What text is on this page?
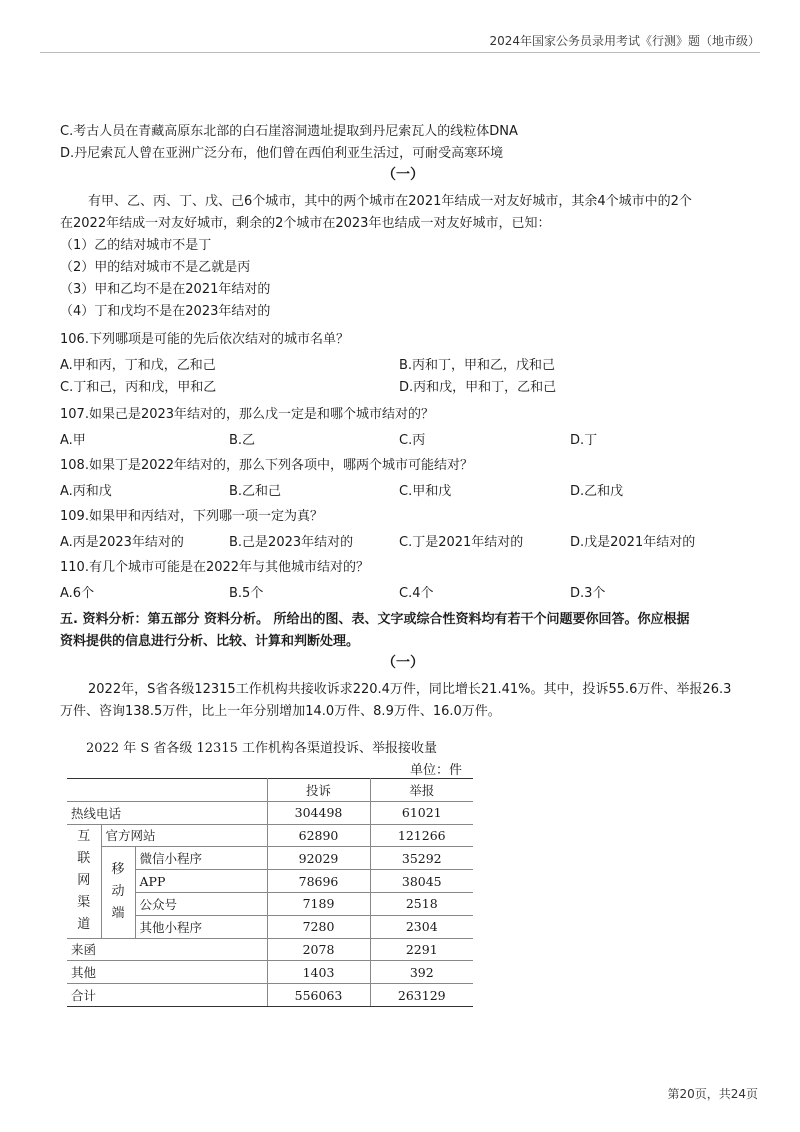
2024年国家公务员录用考试《行测》题（地市级）
C.考古人员在青藏高原东北部的白石崖溶洞遗址提取到丹尼索瓦人的线粒体DNA
D.丹尼索瓦人曾在亚洲广泛分布，他们曾在西伯利亚生活过，可耐受高寒环境
（一）
有甲、乙、丙、丁、戊、己6个城市，其中的两个城市在2021年结成一对友好城市，其余4个城市中的2个
在2022年结成一对友好城市，剩余的2个城市在2023年也结成一对友好城市，已知：
（1）乙的结对城市不是丁
（2）甲的结对城市不是乙就是丙
（3）甲和乙均不是在2021年结对的
（4）丁和戊均不是在2023年结对的
106.下列哪项是可能的先后依次结对的城市名单？
A.甲和丙，丁和戊，乙和己	B.丙和丁，甲和乙，戊和己
C.丁和己，丙和戊，甲和乙	D.丙和戊，甲和丁，乙和己
107.如果己是2023年结对的，那么戊一定是和哪个城市结对的？
A.甲	B.乙	C.丙	D.丁
108.如果丁是2022年结对的，那么下列各项中，哪两个城市可能结对？
A.丙和戊	B.乙和己	C.甲和戊	D.乙和戊
109.如果甲和丙结对，下列哪一项一定为真？
A.丙是2023年结对的	B.己是2023年结对的	C.丁是2021年结对的	D.戊是2021年结对的
110.有几个城市可能是在2022年与其他城市结对的？
A.6个	B.5个	C.4个	D.3个
五. 资料分析：第五部分 资料分析。 所给出的图、表、文字或综合性资料均有若干个问题要你回答。你应根据
资料提供的信息进行分析、比较、计算和判断处理。
（一）
2022年，S省各级12315工作机构共接收诉求220.4万件，同比增长21.41%。其中，投诉55.6万件、举报26.3
万件、咨询138.5万件，比上一年分别增加14.0万件、8.9万件、16.0万件。
2022 年 S 省各级 12315 工作机构各渠道投诉、举报接收量
单位：件
			投诉	举报
热线电话			304498	61021
互
联
网
渠
道	官方网站		62890	121266
	移
动
端	微信小程序	92029	35292
		APP	78696	38045
		公众号	7189	2518
		其他小程序	7280	2304
来函			2078	2291
其他			1403	392
合计			556063	263129
第20页，共24页
